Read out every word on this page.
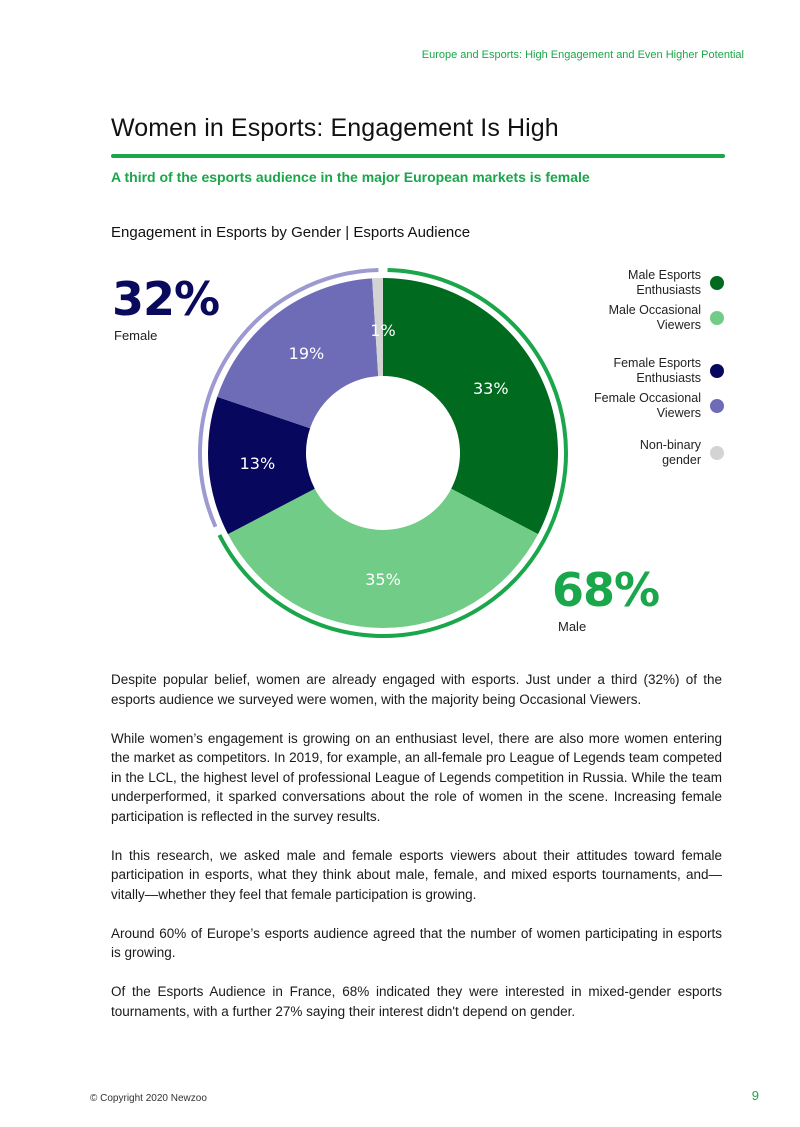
Europe and Esports: High Engagement and Even Higher Potential
Women in Esports: Engagement Is High
A third of the esports audience in the major European markets is female
Engagement in Esports by Gender | Esports Audience
33%
35%
13%
19%
1%
32%
Female
68%
Male
Male Esports
Enthusiasts
Male Occasional
Viewers
Female Esports
Enthusiasts
Female Occasional
Viewers
Non-binary
gender

Despite popular belief, women are already engaged with esports. Just under a third (32%) of the esports audience we surveyed were women, with the majority being Occasional Viewers.

While women’s engagement is growing on an enthusiast level, there are also more women entering the market as competitors. In 2019, for example, an all-female pro League of Legends team competed in the LCL, the highest level of professional League of Legends competition in Russia. While the team underperformed, it sparked conversations about the role of women in the scene. Increasing female participation is reflected in the survey results.

In this research, we asked male and female esports viewers about their attitudes toward female participation in esports, what they think about male, female, and mixed esports tournaments, and—vitally—whether they feel that female participation is growing.

Around 60% of Europe’s esports audience agreed that the number of women participating in esports is growing.

Of the Esports Audience in France, 68% indicated they were interested in mixed-gender esports tournaments, with a further 27% saying their interest didn't depend on gender.

© Copyright 2020 Newzoo	9
